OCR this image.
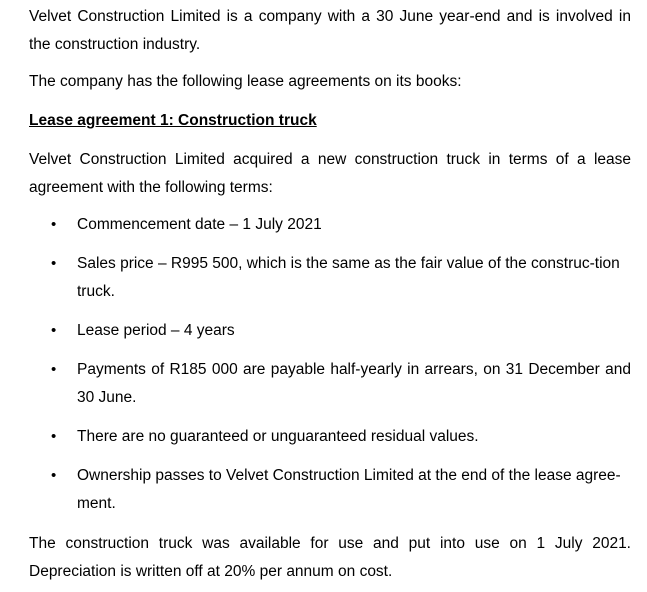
Velvet Construction Limited is a company with a 30 June year-end and is involved in the construction industry.

The company has the following lease agreements on its books:

Lease agreement 1: Construction truck

Velvet Construction Limited acquired a new construction truck in terms of a lease agreement with the following terms:

• Commencement date – 1 July 2021
• Sales price – R995 500, which is the same as the fair value of the construc-tion truck.
• Lease period – 4 years
• Payments of R185 000 are payable half-yearly in arrears, on 31 December and 30 June.
• There are no guaranteed or unguaranteed residual values.
• Ownership passes to Velvet Construction Limited at the end of the lease agree-ment.

The construction truck was available for use and put into use on 1 July 2021. Depreciation is written off at 20% per annum on cost.
